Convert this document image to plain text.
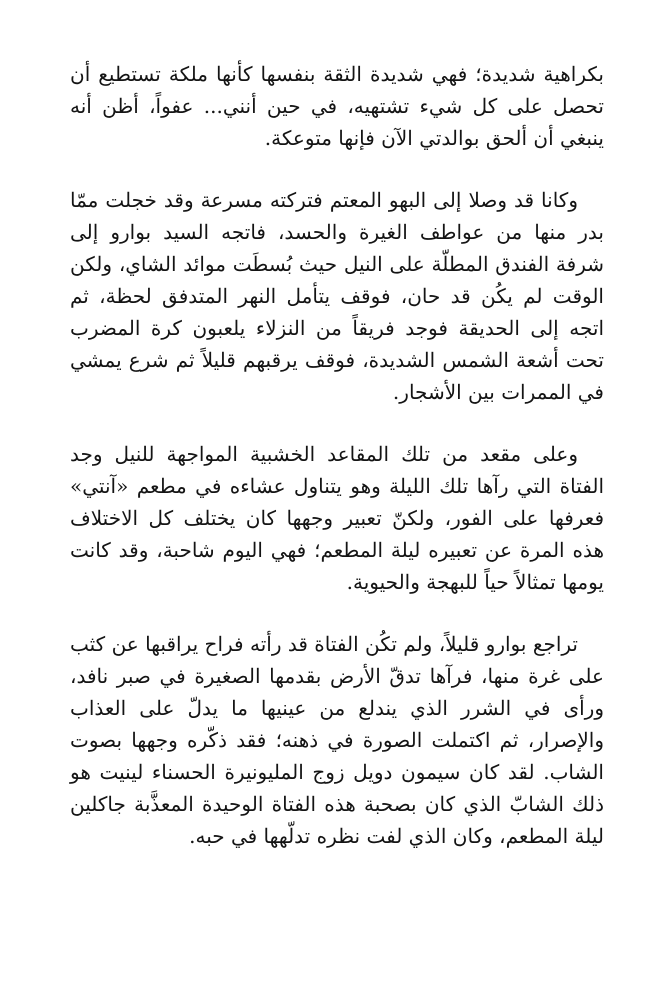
بكراهية شديدة؛ فهي شديدة الثقة بنفسها كأنها ملكة تستطيع أن تحصل على كل شيء تشتهيه، في حين أنني... عفواً، أظن أنه ينبغي أن ألحق بوالدتي الآن فإنها متوعكة.

وكانا قد وصلا إلى البهو المعتم فتركته مسرعة وقد خجلت ممّا بدر منها من عواطف الغيرة والحسد، فاتجه السيد بوارو إلى شرفة الفندق المطلّة على النيل حيث بُسطَت موائد الشاي، ولكن الوقت لم يكُن قد حان، فوقف يتأمل النهر المتدفق لحظة، ثم اتجه إلى الحديقة فوجد فريقاً من النزلاء يلعبون كرة المضرب تحت أشعة الشمس الشديدة، فوقف يرقبهم قليلاً ثم شرع يمشي في الممرات بين الأشجار.

وعلى مقعد من تلك المقاعد الخشبية المواجهة للنيل وجد الفتاة التي رآها تلك الليلة وهو يتناول عشاءه في مطعم «آنتي» فعرفها على الفور، ولكنّ تعبير وجهها كان يختلف كل الاختلاف هذه المرة عن تعبيره ليلة المطعم؛ فهي اليوم شاحبة، وقد كانت يومها تمثالاً حياً للبهجة والحيوية.

تراجع بوارو قليلاً، ولم تكُن الفتاة قد رأته فراح يراقبها عن كثب على غرة منها، فرآها تدقّ الأرض بقدمها الصغيرة في صبر نافد، ورأى في الشرر الذي يندلع من عينيها ما يدلّ على العذاب والإصرار، ثم اكتملت الصورة في ذهنه؛ فقد ذكّره وجهها بصوت الشاب. لقد كان سيمون دويل زوج المليونيرة الحسناء لينيت هو ذلك الشابّ الذي كان بصحبة هذه الفتاة الوحيدة المعذَّبة جاكلين ليلة المطعم، وكان الذي لفت نظره تدلّهها في حبه.
